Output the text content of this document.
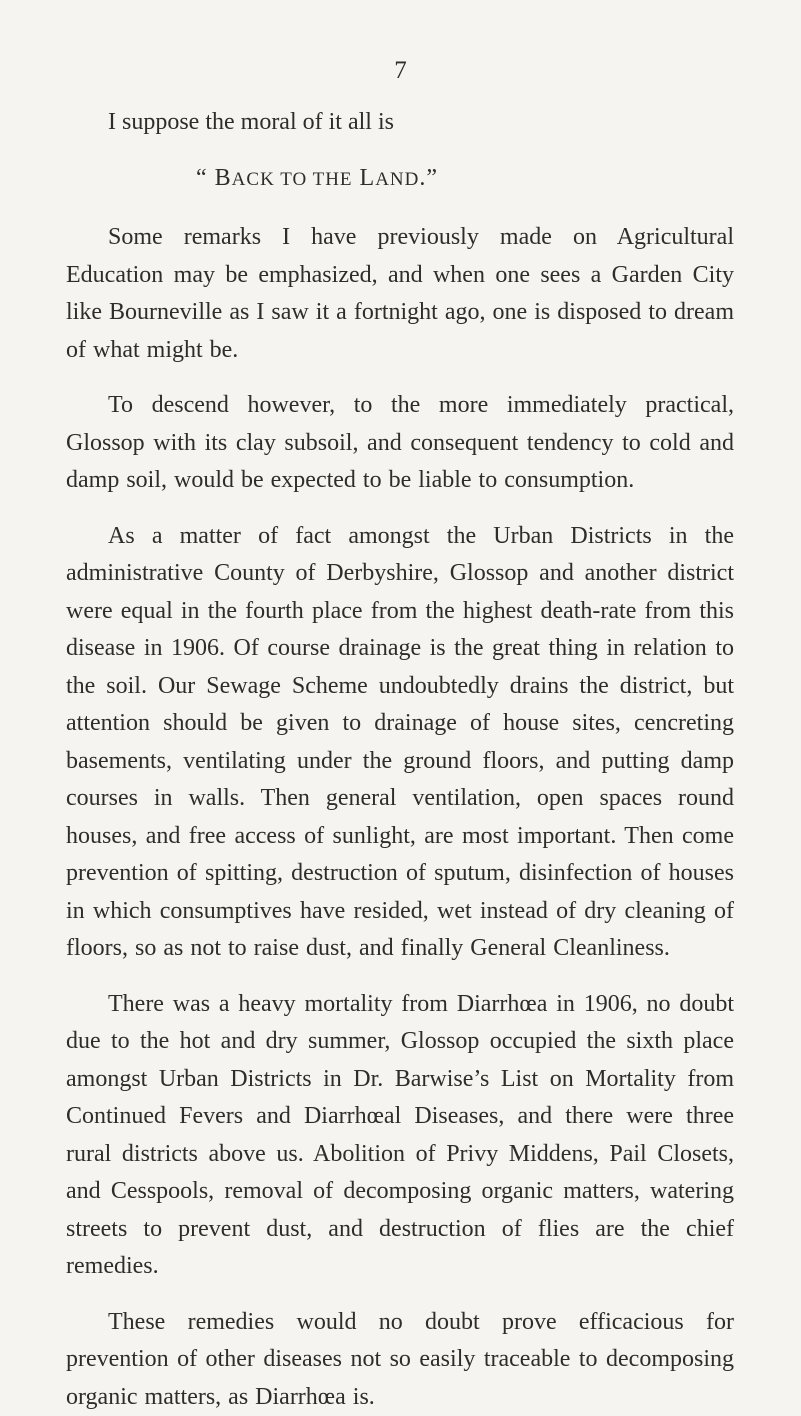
7

I suppose the moral of it all is

“ BACK TO THE LAND.”

Some remarks I have previously made on Agricultural Education may be emphasized, and when one sees a Garden City like Bourneville as I saw it a fortnight ago, one is disposed to dream of what might be.

To descend however, to the more immediately practical, Glossop with its clay subsoil, and consequent tendency to cold and damp soil, would be expected to be liable to consumption.

As a matter of fact amongst the Urban Districts in the administrative County of Derbyshire, Glossop and another district were equal in the fourth place from the highest death-rate from this disease in 1906. Of course drainage is the great thing in relation to the soil. Our Sewage Scheme undoubtedly drains the district, but attention should be given to drainage of house sites, cencreting basements, ventilating under the ground floors, and putting damp courses in walls. Then general ventilation, open spaces round houses, and free access of sunlight, are most important. Then come prevention of spitting, destruction of sputum, disinfection of houses in which consumptives have resided, wet instead of dry cleaning of floors, so as not to raise dust, and finally General Cleanliness.

There was a heavy mortality from Diarrhœa in 1906, no doubt due to the hot and dry summer, Glossop occupied the sixth place amongst Urban Districts in Dr. Barwise’s List on Mortality from Continued Fevers and Diarrhœal Diseases, and there were three rural districts above us. Abolition of Privy Middens, Pail Closets, and Cesspools, removal of decomposing organic matters, watering streets to prevent dust, and destruction of flies are the chief remedies.

These remedies would no doubt prove efficacious for prevention of other diseases not so easily traceable to decomposing organic matters, as Diarrhœa is.
